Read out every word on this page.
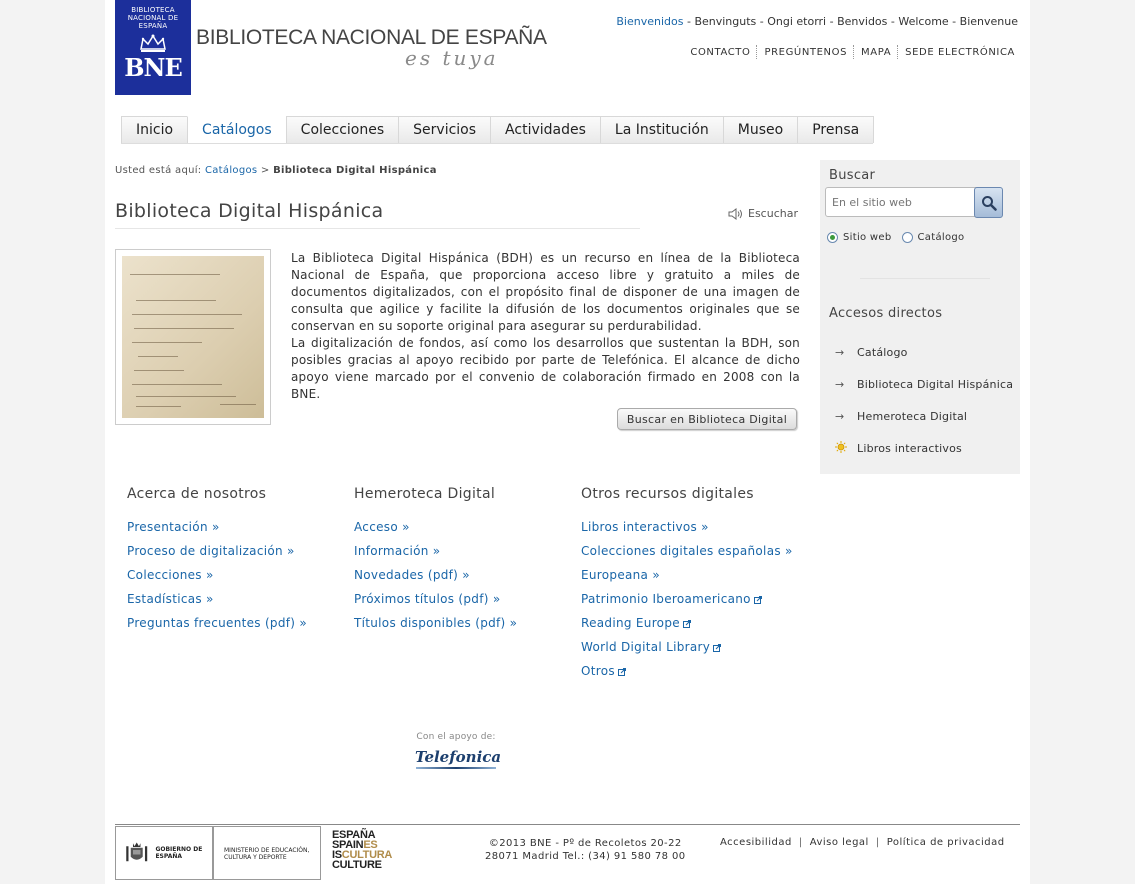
BIBLIOTECA NACIONAL DE ESPAÑA
BNE
BIBLIOTECA NACIONAL DE ESPAÑA
es tuya
Bienvenidos - Benvinguts - Ongi etorri - Benvidos - Welcome - Bienvenue
CONTACTO PREGÚNTENOS MAPA SEDE ELECTRÓNICA
Inicio	Catálogos	Colecciones	Servicios	Actividades	La Institución	Museo	Prensa
Usted está aquí: Catálogos > Biblioteca Digital Hispánica
Biblioteca Digital Hispánica	Escuchar

La Biblioteca Digital Hispánica (BDH) es un recurso en línea de la Biblioteca Nacional de España, que proporciona acceso libre y gratuito a miles de documentos digitalizados, con el propósito final de disponer de una imagen de consulta que agilice y facilite la difusión de los documentos originales que se conservan en su soporte original para asegurar su perdurabilidad.

La digitalización de fondos, así como los desarrollos que sustentan la BDH, son posibles gracias al apoyo recibido por parte de Telefónica. El alcance de dicho apoyo viene marcado por el convenio de colaboración firmado en 2008 con la BNE.

Buscar en Biblioteca Digital
Acerca de nosotros
Presentación »
Proceso de digitalización »
Colecciones »
Estadísticas »
Preguntas frecuentes (pdf) »
Hemeroteca Digital
Acceso »
Información »
Novedades (pdf) »
Próximos títulos (pdf) »
Títulos disponibles (pdf) »
Otros recursos digitales
Libros interactivos »
Colecciones digitales españolas »
Europeana »
Patrimonio Iberoamericano
Reading Europe
World Digital Library
Otros
Con el apoyo de:
Telefonica
Buscar
En el sitio web
Sitio web	Catálogo
Accesos directos
→	Catálogo
→	Biblioteca Digital Hispánica
→	Hemeroteca Digital
Libros interactivos
GOBIERNO DE ESPAÑA
MINISTERIO DE EDUCACIÓN, CULTURA Y DEPORTE
ESPAÑA
SPAINES
ISCULTURA
CULTURE
©2013 BNE - Pº de Recoletos 20-22
28071 Madrid Tel.: (34) 91 580 78 00
Accesibilidad | Aviso legal | Política de privacidad
